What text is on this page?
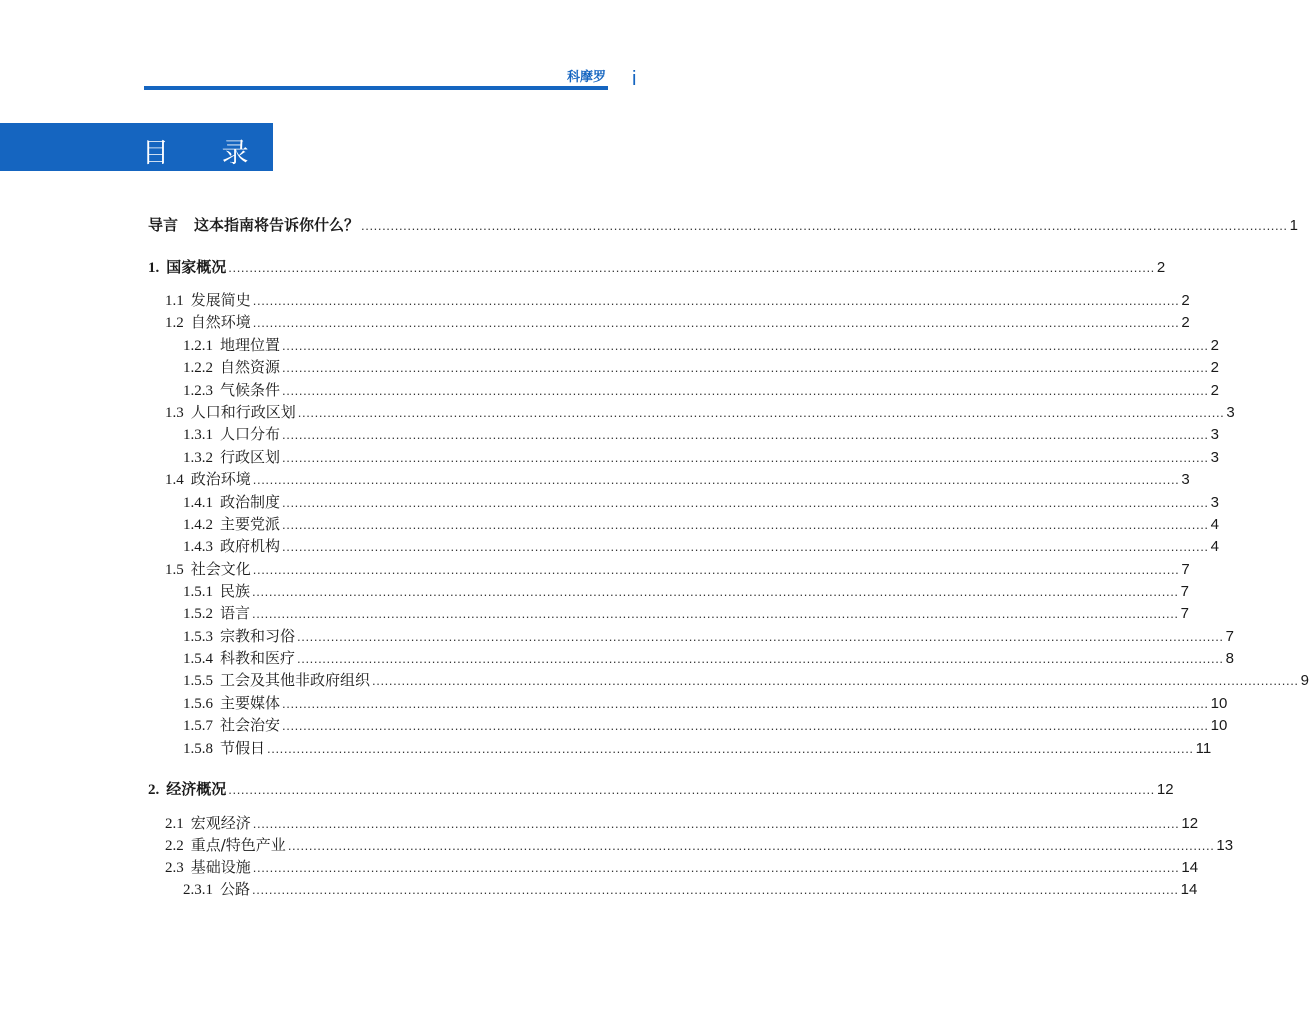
科摩罗 i
目 录
导言 这本指南将告诉你什么？ ............................................................................................................................................................................................................................ 1
1. 国家概况 ............................................................................................................................................................................................................................ 2
1.1 发展简史 ............................................................................................................................................................................................................................ 2
1.2 自然环境 ............................................................................................................................................................................................................................ 2
1.2.1 地理位置 ............................................................................................................................................................................................................................ 2
1.2.2 自然资源 ............................................................................................................................................................................................................................ 2
1.2.3 气候条件 ............................................................................................................................................................................................................................ 2
1.3 人口和行政区划 ............................................................................................................................................................................................................................ 3
1.3.1 人口分布 ............................................................................................................................................................................................................................ 3
1.3.2 行政区划 ............................................................................................................................................................................................................................ 3
1.4 政治环境 ............................................................................................................................................................................................................................ 3
1.4.1 政治制度 ............................................................................................................................................................................................................................ 3
1.4.2 主要党派 ............................................................................................................................................................................................................................ 4
1.4.3 政府机构 ............................................................................................................................................................................................................................ 4
1.5 社会文化 ............................................................................................................................................................................................................................ 7
1.5.1 民族 ............................................................................................................................................................................................................................ 7
1.5.2 语言 ............................................................................................................................................................................................................................ 7
1.5.3 宗教和习俗 ............................................................................................................................................................................................................................ 7
1.5.4 科教和医疗 ............................................................................................................................................................................................................................ 8
1.5.5 工会及其他非政府组织 ............................................................................................................................................................................................................................ 9
1.5.6 主要媒体 ............................................................................................................................................................................................................................ 10
1.5.7 社会治安 ............................................................................................................................................................................................................................ 10
1.5.8 节假日 ............................................................................................................................................................................................................................ 11
2. 经济概况 ............................................................................................................................................................................................................................ 12
2.1 宏观经济 ............................................................................................................................................................................................................................ 12
2.2 重点/特色产业 ............................................................................................................................................................................................................................ 13
2.3 基础设施 ............................................................................................................................................................................................................................ 14
2.3.1 公路 ............................................................................................................................................................................................................................ 14
